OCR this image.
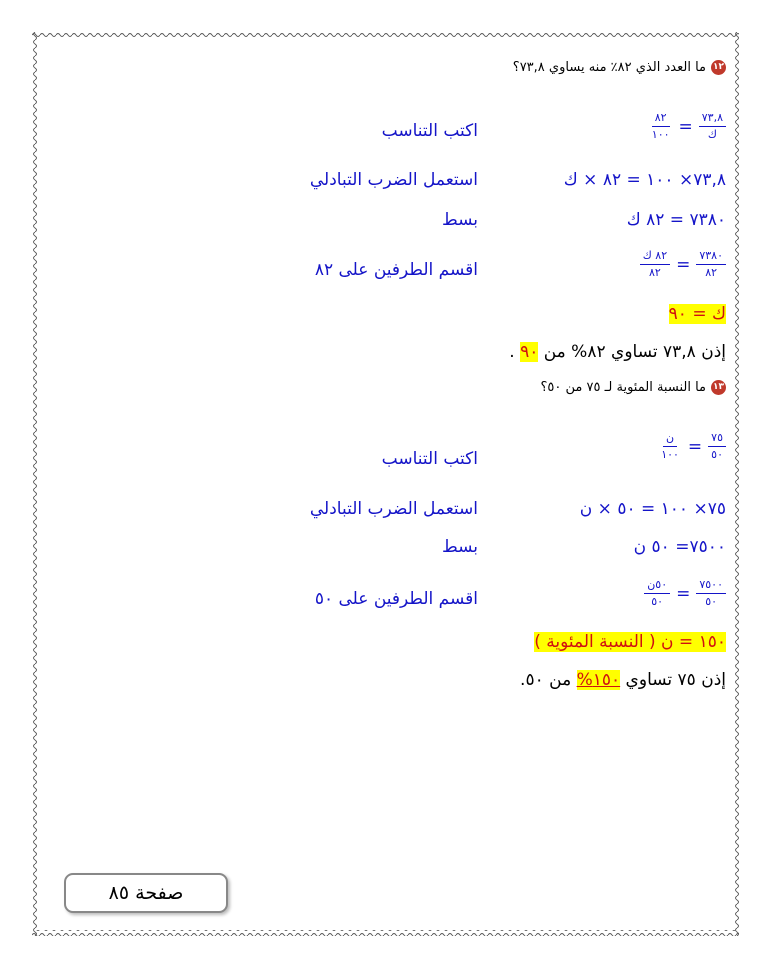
١٢
ما العدد الذي ٨٢٪ منه يساوي ٧٣,٨؟
$\frac{٧٣,٨}{\text{ك}}$
=
$\frac{٨٢}{١٠٠}$
اكتب التناسب
٧٣,٨× ١٠٠ = ٨٢ × ك
استعمل الضرب التبادلي
٧٣٨٠ = ٨٢ ك
بسط
$\frac{٧٣٨٠}{٨٢}$
=
$\frac{\text{٨٢ ك}}{٨٢}$
اقسم الطرفين على ٨٢
ك = ٩٠
إذن ٧٣,٨ تساوي ٨٢% من ٩٠ .
١٣
ما النسبة المئوية لـ ٧٥ من ٥٠؟
$\frac{٧٥}{٥٠}$
=
$\frac{\text{ن}}{١٠٠}$
اكتب التناسب
٧٥× ١٠٠ = ٥٠ × ن
استعمل الضرب التبادلي
٧٥٠٠= ٥٠ ن
بسط
$\frac{٧٥٠٠}{٥٠}$
=
$\frac{\text{٥٠ن}}{٥٠}$
اقسم الطرفين على ٥٠
١٥٠ = ن ( النسبة المئوية )
إذن ٧٥ تساوي ١٥٠% من ٥٠.
صفحة ٨٥
